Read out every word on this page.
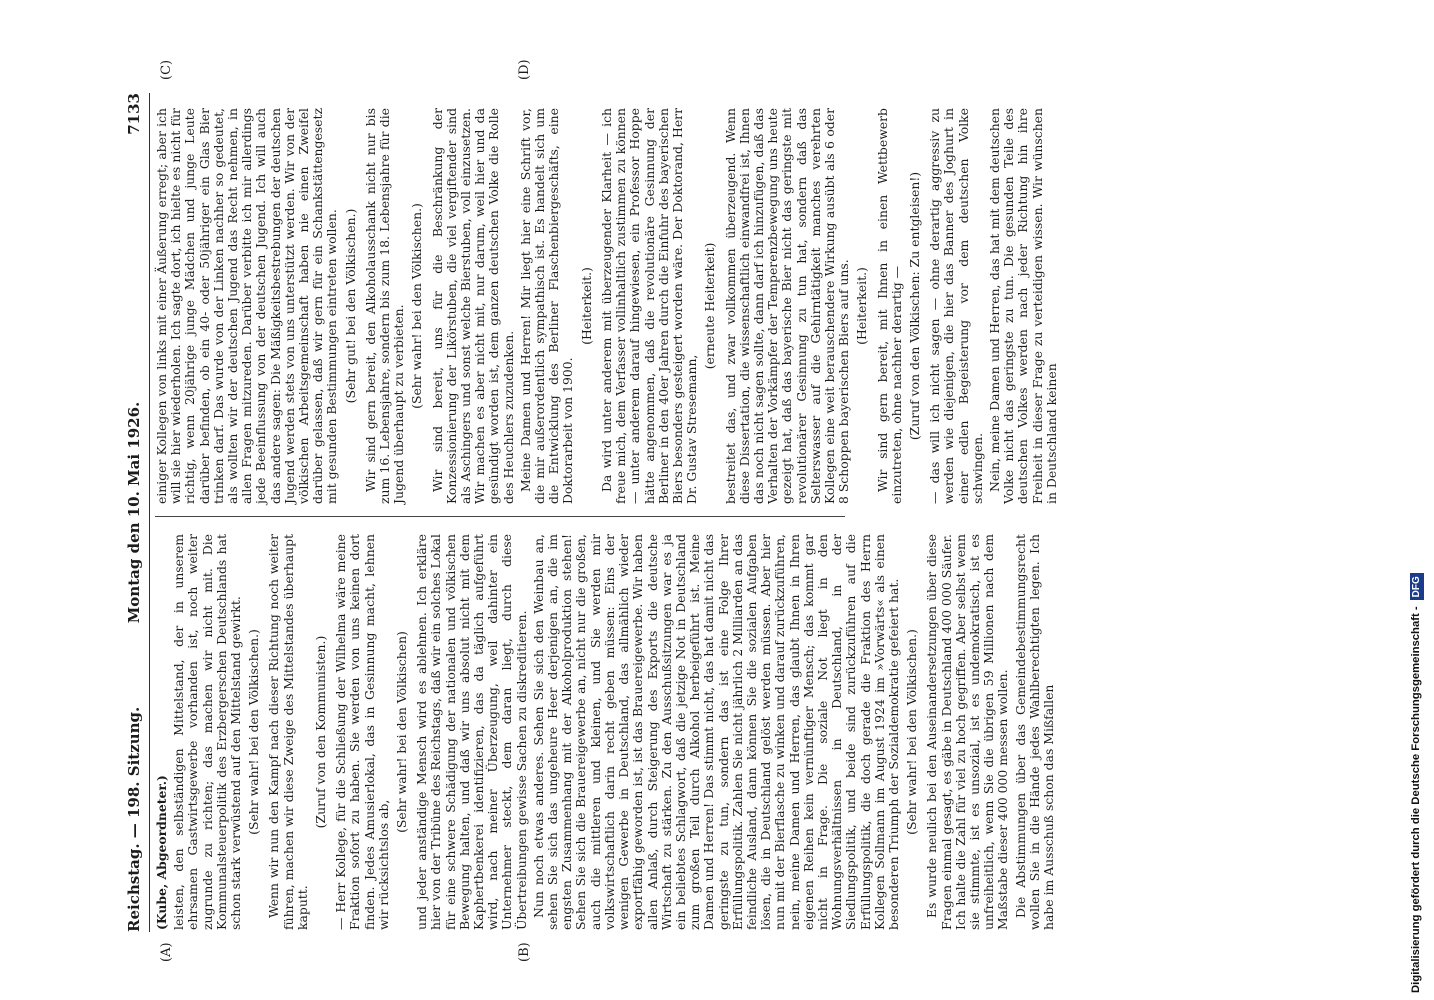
Reichstag. — 198. Sitzung.
Montag den 10. Mai 1926.
7133
(A)	(B)
(C)	(D)

(Kube, Abgeordneter.) leisten, den selbständigen Mittelstand, der in unserem ehrsamen Gastwirtsgewerbe vorhanden ist, noch weiter zugrunde zu richten; das machen wir nicht mit. Die Kommunalsteuerpolitik des Erzbergerschen Deutschlands hat schon stark verwüstend auf den Mittelstand gewirkt. (Sehr wahr! bei den Völkischen.) Wenn wir nun den Kampf nach dieser Richtung noch weiter führen, machen wir diese Zweige des Mittelstandes überhaupt kaputt.

(Zuruf von den Kommunisten.) — Herr Kollege, für die Schließung der Wilhelma wäre meine Fraktion sofort zu haben. Sie werden von uns keinen dort finden. Jedes Amusierlokal, das in Gesinnung macht, lehnen wir rücksichtslos ab,

(Sehr wahr! bei den Völkischen) und jeder anständige Mensch wird es ablehnen. Ich erkläre hier von der Tribüne des Reichstags, daß wir ein solches Lokal für eine schwere Schädigung der nationalen und völkischen Bewegung halten, und daß wir uns absolut nicht mit dem Kaphertbenkerei identifizieren, das da täglich aufgeführt wird, nach meiner Überzeugung, weil dahinter ein Unternehmer steckt, dem daran liegt, durch diese Übertreibungen gewisse Sachen zu diskreditieren. Nun noch etwas anderes. Sehen Sie sich den Weinbau an, sehen Sie sich das ungeheure Heer derjenigen an, die im engsten Zusammenhang mit der Alkoholproduktion stehen! Sehen Sie sich die Brauereigewerbe an, nicht nur die großen, auch die mittleren und kleinen, und Sie werden mir volkswirtschaftlich darin recht geben müssen: Eins der wenigen Gewerbe in Deutschland, das allmählich wieder exportfähig geworden ist, ist das Brauereigewerbe. Wir haben allen Anlaß, durch Steigerung des Exports die deutsche Wirtschaft zu stärken. Zu den Ausschußsitzungen war es ja ein beliebtes Schlagwort, daß die jetzige Not in Deutschland zum großen Teil durch Alkohol herbeigeführt ist. Meine Damen und Herren! Das stimmt nicht, das hat damit nicht das geringste zu tun, sondern das ist eine Folge Ihrer Erfüllungspolitik. Zahlen Sie nicht jährlich 2 Milliarden an das feindliche Ausland, dann können Sie die sozialen Aufgaben lösen, die in Deutschland gelöst werden müssen. Aber hier nun mit der Bierflasche zu winken und darauf zurückzuführen, nein, meine Damen und Herren, das glaubt Ihnen in Ihren eigenen Reihen kein vernünftiger Mensch; das kommt gar nicht in Frage. Die soziale Not liegt in den Wohnungsverhältnissen in Deutschland, in der Siedlungspolitik, und beide sind zurückzuführen auf die Erfüllungspolitik, die doch gerade die Fraktion des Herrn Kollegen Sollmann im August 1924 im »Vorwärts« als einen besonderen Triumph der Sozialdemokratie gefeiert hat. (Sehr wahr! bei den Völkischen.) Es wurde neulich bei den Auseinandersetzungen über diese Fragen einmal gesagt, es gäbe in Deutschland 400 000 Säufer. Ich halte die Zahl für viel zu hoch gegriffen. Aber selbst wenn sie stimmte, ist es unsozial, ist es undemokratisch, ist es unfreiheitlich, wenn Sie die übrigen 59 Millionen nach dem Maßstabe dieser 400 000 messen wollen. Die Abstimmungen über das Gemeindebestimmungsrecht wollen Sie in die Hände jedes Wahlberechtigten legen. Ich habe im Ausschuß schon das Mißfallen

einiger Kollegen von links mit einer Äußerung erregt; aber ich will sie hier wiederholen. Ich sagte dort, ich hielte es nicht für richtig, wenn 20jährige junge Mädchen und junge Leute darüber befinden, ob ein 40- oder 50jähriger ein Glas Bier trinken darf. Das wurde von der Linken nachher so gedeutet, als wollten wir der deutschen Jugend das Recht nehmen, in allen Fragen mitzureden. Darüber verbitte ich mir allerdings jede Beeinflussung von der deutschen Jugend. Ich will auch das andere sagen: Die Mäßigkeitsbestrebungen der deutschen Jugend werden stets von uns unterstützt werden. Wir von der völkischen Arbeitsgemeinschaft haben nie einen Zweifel darüber gelassen, daß wir gern für ein Schankstättengesetz mit gesunden Bestimmungen eintreten wollen. (Sehr gut! bei den Völkischen.) Wir sind gern bereit, den Alkoholausschank nicht nur bis zum 16. Lebensjahre, sondern bis zum 18. Lebensjahre für die Jugend überhaupt zu verbieten. (Sehr wahr! bei den Völkischen.) Wir sind bereit, uns für die Beschränkung der Konzessionierung der Likörstuben, die viel vergiftender sind als Aschingers und sonst welche Bierstuben, voll einzusetzen. Wir machen es aber nicht mit, nur darum, weil hier und da gesündigt worden ist, dem ganzen deutschen Volke die Rolle des Heuchlers zuzudenken. Meine Damen und Herren! Mir liegt hier eine Schrift vor, die mir außerordentlich sympathisch ist. Es handelt sich um die Entwicklung des Berliner Flaschenbiergeschäfts, eine Doktorarbeit von 1900.

(Heiterkeit.) Da wird unter anderem mit überzeugender Klarheit — ich freue mich, dem Verfasser vollinhaltlich zustimmen zu können — unter anderem darauf hingewiesen, ein Professor Hoppe hätte angenommen, daß die revolutionäre Gesinnung der Berliner in den 40er Jahren durch die Einfuhr des bayerischen Biers besonders gesteigert worden wäre. Der Doktorand, Herr Dr. Gustav Stresemann,

(erneute Heiterkeit) bestreitet das, und zwar vollkommen überzeugend. Wenn diese Dissertation, die wissenschaftlich einwandfrei ist, Ihnen das noch nicht sagen sollte, dann darf ich hinzufügen, daß das Verhalten der Vorkämpfer der Temperenzbewegung uns heute gezeigt hat, daß das bayerische Bier nicht das geringste mit revolutionärer Gesinnung zu tun hat, sondern daß das Selterswasser auf die Gehirntätigkeit manches verehrten Kollegen eine weit berauschendere Wirkung ausübt als 6 oder 8 Schoppen bayerischen Biers auf uns. (Heiterkeit.) Wir sind gern bereit, mit Ihnen in einen Wettbewerb einzutreten, ohne nachher derartig — (Zuruf von den Völkischen: Zu entgleisen!) — das will ich nicht sagen — ohne derartig aggressiv zu werden wie diejenigen, die hier das Banner des Joghurt in einer edlen Begeisterung vor dem deutschen Volke schwingen. Nein, meine Damen und Herren, das hat mit dem deutschen Volke nicht das geringste zu tun. Die gesunden Teile des deutschen Volkes werden nach jeder Richtung hin ihre Freiheit in dieser Frage zu verteidigen wissen. Wir wünschen in Deutschland keinen

Digitalisierung gefördert durch die Deutsche Forschungsgemeinschaft -DFG
